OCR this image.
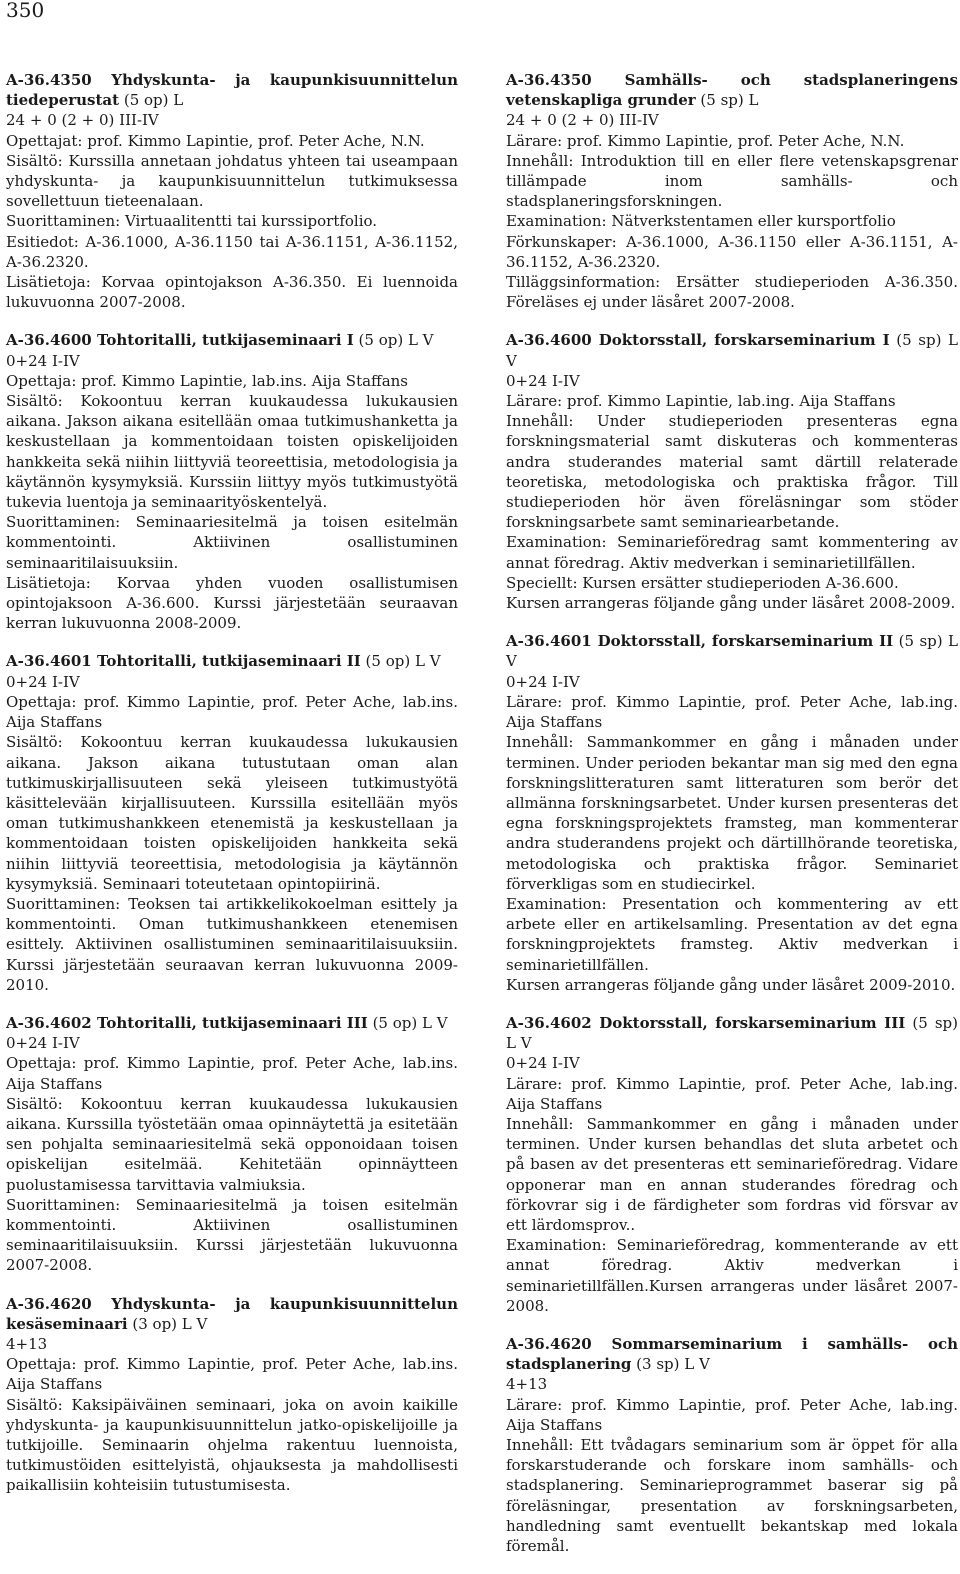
350

A-36.4350 Yhdyskunta- ja kaupunkisuunnittelun tiedeperustat (5 op) L

24 + 0 (2 + 0) III-IV

Opettajat: prof. Kimmo Lapintie, prof. Peter Ache, N.N.

Sisältö: Kurssilla annetaan johdatus yhteen tai useampaan yhdyskunta- ja kaupunkisuunnittelun tutkimuksessa sovellettuun tieteenalaan.

Suorittaminen: Virtuaalitentti tai kurssiportfolio.

Esitiedot: A-36.1000, A-36.1150 tai A-36.1151, A-36.1152, A-36.2320.

Lisätietoja: Korvaa opintojakson A-36.350. Ei luennoida lukuvuonna 2007-2008.

A-36.4600 Tohtoritalli, tutkijaseminaari I (5 op) L V

0+24 I-IV

Opettaja: prof. Kimmo Lapintie, lab.ins. Aija Staffans

Sisältö: Kokoontuu kerran kuukaudessa lukukausien aikana. Jakson aikana esitellään omaa tutkimushanketta ja keskustellaan ja kommentoidaan toisten opiskelijoiden hankkeita sekä niihin liittyviä teoreettisia, metodologisia ja käytännön kysymyksiä. Kurssiin liittyy myös tutkimustyötä tukevia luentoja ja seminaarityöskentelyä.

Suorittaminen: Seminaariesitelmä ja toisen esitelmän kommentointi. Aktiivinen osallistuminen seminaaritilaisuuksiin.

Lisätietoja: Korvaa yhden vuoden osallistumisen opintojaksoon A-36.600. Kurssi järjestetään seuraavan kerran lukuvuonna 2008-2009.

A-36.4601 Tohtoritalli, tutkijaseminaari II (5 op) L V

0+24 I-IV

Opettaja: prof. Kimmo Lapintie, prof. Peter Ache, lab.ins. Aija Staffans

Sisältö: Kokoontuu kerran kuukaudessa lukukausien aikana. Jakson aikana tutustutaan oman alan tutkimuskirjallisuuteen sekä yleiseen tutkimustyötä käsittelevään kirjallisuuteen. Kurssilla esitellään myös oman tutkimushankkeen etenemistä ja keskustellaan ja kommentoidaan toisten opiskelijoiden hankkeita sekä niihin liittyviä teoreettisia, metodologisia ja käytännön kysymyksiä. Seminaari toteutetaan opintopiirinä.

Suorittaminen: Teoksen tai artikkelikokoelman esittely ja kommentointi. Oman tutkimushankkeen etenemisen esittely. Aktiivinen osallistuminen seminaaritilaisuuksiin. Kurssi järjestetään seuraavan kerran lukuvuonna 2009-2010.

A-36.4602 Tohtoritalli, tutkijaseminaari III (5 op) L V

0+24 I-IV

Opettaja: prof. Kimmo Lapintie, prof. Peter Ache, lab.ins. Aija Staffans

Sisältö: Kokoontuu kerran kuukaudessa lukukausien aikana. Kurssilla työstetään omaa opinnäytettä ja esitetään sen pohjalta seminaariesitelmä sekä opponoidaan toisen opiskelijan esitelmää. Kehitetään opinnäytteen puolustamisessa tarvittavia valmiuksia.

Suorittaminen: Seminaariesitelmä ja toisen esitelmän kommentointi. Aktiivinen osallistuminen seminaaritilaisuuksiin. Kurssi järjestetään lukuvuonna 2007-2008.

A-36.4620 Yhdyskunta- ja kaupunkisuunnittelun kesäseminaari (3 op) L V

4+13

Opettaja: prof. Kimmo Lapintie, prof. Peter Ache, lab.ins. Aija Staffans

Sisältö: Kaksipäiväinen seminaari, joka on avoin kaikille yhdyskunta- ja kaupunkisuunnittelun jatko-opiskelijoille ja tutkijoille. Seminaarin ohjelma rakentuu luennoista, tutkimustöiden esittelyistä, ohjauksesta ja mahdollisesti paikallisiin kohteisiin tutustumisesta.

A-36.4350 Samhälls- och stadsplaneringens vetenskapliga grunder (5 sp) L

24 + 0 (2 + 0) III-IV

Lärare: prof. Kimmo Lapintie, prof. Peter Ache, N.N.

Innehåll: Introduktion till en eller flere vetenskapsgrenar tillämpade inom samhälls- och stadsplaneringsforskningen.

Examination: Nätverkstentamen eller kursportfolio

Förkunskaper: A-36.1000, A-36.1150 eller A-36.1151, A-36.1152, A-36.2320.

Tilläggsinformation: Ersätter studieperioden A-36.350. Föreläses ej under läsåret 2007-2008.

A-36.4600 Doktorsstall, forskarseminarium I (5 sp) L V

0+24 I-IV

Lärare: prof. Kimmo Lapintie, lab.ing. Aija Staffans

Innehåll: Under studieperioden presenteras egna forskningsmaterial samt diskuteras och kommenteras andra studerandes material samt därtill relaterade teoretiska, metodologiska och praktiska frågor. Till studieperioden hör även föreläsningar som stöder forskningsarbete samt seminariearbetande.

Examination: Seminarieföredrag samt kommentering av annat föredrag. Aktiv medverkan i seminarietillfällen.

Speciellt: Kursen ersätter studieperioden A-36.600.

Kursen arrangeras följande gång under läsåret 2008-2009.

A-36.4601 Doktorsstall, forskarseminarium II (5 sp) L V

0+24 I-IV

Lärare: prof. Kimmo Lapintie, prof. Peter Ache, lab.ing. Aija Staffans

Innehåll: Sammankommer en gång i månaden under terminen. Under perioden bekantar man sig med den egna forskningslitteraturen samt litteraturen som berör det allmänna forskningsarbetet. Under kursen presenteras det egna forskningsprojektets framsteg, man kommenterar andra studerandens projekt och därtillhörande teoretiska, metodologiska och praktiska frågor. Seminariet förverkligas som en studiecirkel.

Examination: Presentation och kommentering av ett arbete eller en artikelsamling. Presentation av det egna forskningprojektets framsteg. Aktiv medverkan i seminarietillfällen.

Kursen arrangeras följande gång under läsåret 2009-2010.

A-36.4602 Doktorsstall, forskarseminarium III (5 sp) L V

0+24 I-IV

Lärare: prof. Kimmo Lapintie, prof. Peter Ache, lab.ing. Aija Staffans

Innehåll: Sammankommer en gång i månaden under terminen. Under kursen behandlas det sluta arbetet och på basen av det presenteras ett seminarieföredrag. Vidare opponerar man en annan studerandes föredrag och förkovrar sig i de färdigheter som fordras vid försvar av ett lärdomsprov..

Examination: Seminarieföredrag, kommenterande av ett annat föredrag. Aktiv medverkan i seminarietillfällen.Kursen arrangeras under läsåret 2007-2008.

A-36.4620 Sommarseminarium i samhälls- och stadsplanering (3 sp) L V

4+13

Lärare: prof. Kimmo Lapintie, prof. Peter Ache, lab.ing. Aija Staffans

Innehåll: Ett tvådagars seminarium som är öppet för alla forskarstuderande och forskare inom samhälls- och stadsplanering. Seminarieprogrammet baserar sig på föreläsningar, presentation av forskningsarbeten, handledning samt eventuellt bekantskap med lokala föremål.
